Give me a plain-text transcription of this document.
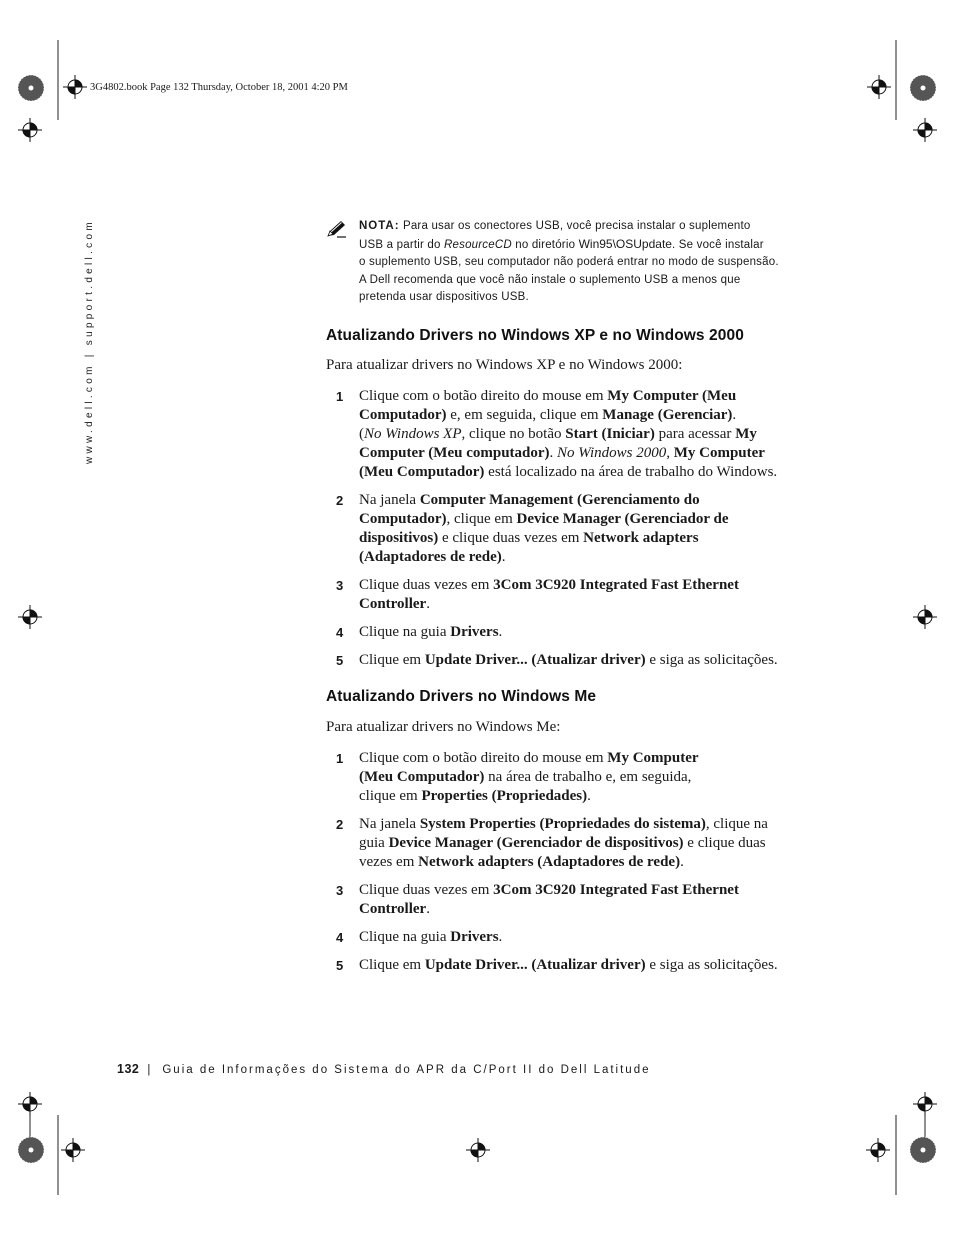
3G4802.book Page 132 Thursday, October 18, 2001 4:20 PM
www.dell.com | support.dell.com	NOTA: Para usar os conectores USB, você precisa instalar o suplemento
USB a partir do ResourceCD no diretório Win95\OSUpdate. Se você instalar
o suplemento USB, seu computador não poderá entrar no modo de suspensão.
A Dell recomenda que você não instale o suplemento USB a menos que
pretenda usar dispositivos USB.
Atualizando Drivers no Windows XP e no Windows 2000
Para atualizar drivers no Windows XP e no Windows 2000:
1 Clique com o botão direito do mouse em My Computer (Meu
Computador) e, em seguida, clique em Manage (Gerenciar).
(No Windows XP, clique no botão Start (Iniciar) para acessar My
Computer (Meu computador). No Windows 2000, My Computer
(Meu Computador) está localizado na área de trabalho do Windows.
2 Na janela Computer Management (Gerenciamento do
Computador), clique em Device Manager (Gerenciador de
dispositivos) e clique duas vezes em Network adapters
(Adaptadores de rede).
3 Clique duas vezes em 3Com 3C920 Integrated Fast Ethernet
Controller.
4 Clique na guia Drivers.
5 Clique em Update Driver... (Atualizar driver) e siga as solicitações.
Atualizando Drivers no Windows Me
Para atualizar drivers no Windows Me:
1 Clique com o botão direito do mouse em My Computer
(Meu Computador) na área de trabalho e, em seguida,
clique em Properties (Propriedades).
2 Na janela System Properties (Propriedades do sistema), clique na
guia Device Manager (Gerenciador de dispositivos) e clique duas
vezes em Network adapters (Adaptadores de rede).
3 Clique duas vezes em 3Com 3C920 Integrated Fast Ethernet
Controller.
4 Clique na guia Drivers.
5 Clique em Update Driver... (Atualizar driver) e siga as solicitações.
132 | Guia de Informações do Sistema do APR da C/Port II do Dell Latitude
